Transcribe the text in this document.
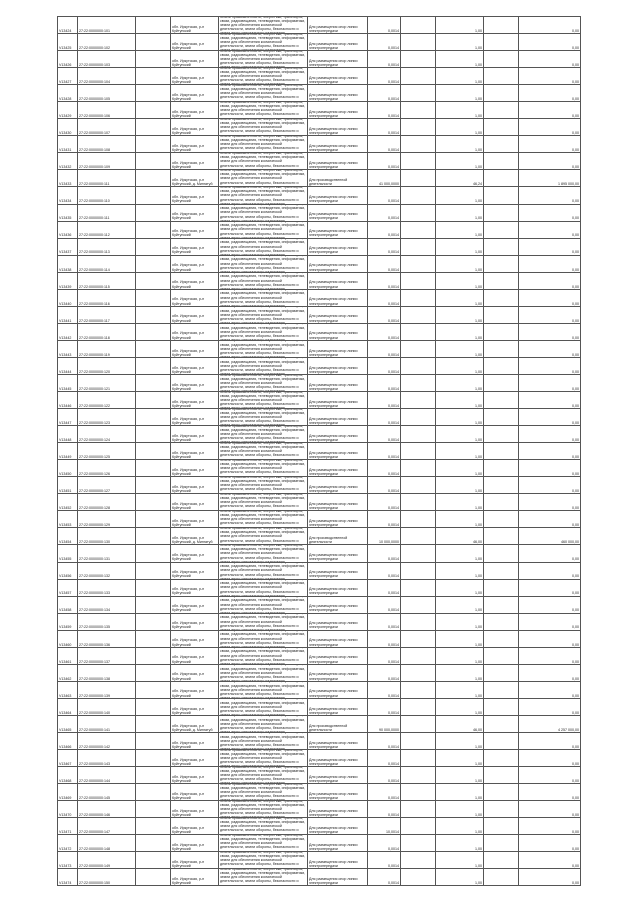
V13424 27:22:0000000:101
обл. Иркутская, р-н Куйтунский
связи, радиовещания, телевидения, информатики, земли для обеспечения космической деятельности, земли обороны, безопасности и земли иного специального назначения
Для размещения опор линии электропередачи	0,0014	1,00	0,00
V13425 27:22:0000000:102
обл. Иркутская, р-н Куйтунский
связи, радиовещания, телевидения, информатики, земли для обеспечения космической деятельности, земли обороны, безопасности и земли иного специального назначения
Для размещения опор линии электропередачи	0,0014	1,00	0,00
V13426 27:22:0000000:103
обл. Иркутская, р-н Куйтунский
связи, радиовещания, телевидения, информатики, земли для обеспечения космической деятельности, земли обороны, безопасности и земли иного специального назначения
Для размещения опор линии электропередачи	0,0014	1,00	0,00
V13427 27:22:0000000:104
обл. Иркутская, р-н Куйтунский
связи, радиовещания, телевидения, информатики, земли для обеспечения космической деятельности, земли обороны, безопасности и земли иного специального назначения
Для размещения опор линии электропередачи	0,0014	1,00	0,00
V13428 27:22:0000000:105
обл. Иркутская, р-н Куйтунский
связи, радиовещания, телевидения, информатики, земли для обеспечения космической деятельности, земли обороны, безопасности и земли иного специального назначения
Для размещения опор линии электропередачи	0,0014	1,00	0,00
V13429 27:22:0000000:106
обл. Иркутская, р-н Куйтунский
связи, радиовещания, телевидения, информатики, земли для обеспечения космической деятельности, земли обороны, безопасности и земли иного специального назначения
Для размещения опор линии электропередачи	0,0014	1,00	0,00
V13430 27:22:0000000:107
обл. Иркутская, р-н Куйтунский
связи, радиовещания, телевидения, информатики, земли для обеспечения космической деятельности, земли обороны, безопасности и земли иного специального назначения
Для размещения опор линии электропередачи	0,0014	1,00	0,00
V13431 27:22:0000000:108
обл. Иркутская, р-н Куйтунский
связи, радиовещания, телевидения, информатики, земли для обеспечения космической деятельности, земли обороны, безопасности и земли иного специального назначения
Для размещения опор линии электропередачи	0,0014	1,00	0,00
V13432 27:22:0000000:109
обл. Иркутская, р-н Куйтунский
связи, радиовещания, телевидения, информатики, земли для обеспечения космической деятельности, земли обороны, безопасности и земли иного специального назначения
Для размещения опор линии электропередачи	0,0014	1,00	0,00
V13433 27:22:0000000:111
обл. Иркутская, р-н Куйтунский, д. Мингатуй
связи, радиовещания, телевидения, информатики, земли для обеспечения космической деятельности, земли обороны, безопасности и земли иного специального назначения
Для производственной деятельности	41 000,0000	46,24	1 895 000,00
V13434 27:22:0000000:110
обл. Иркутская, р-н Куйтунский
связи, радиовещания, телевидения, информатики, земли для обеспечения космической деятельности, земли обороны, безопасности и земли иного специального назначения
Для размещения опор линии электропередачи	0,0014	1,00	0,00
V13435 27:22:0000000:111
обл. Иркутская, р-н Куйтунский
связи, радиовещания, телевидения, информатики, земли для обеспечения космической деятельности, земли обороны, безопасности и земли иного специального назначения
Для размещения опор линии электропередачи	0,0014	1,00	0,00
V13436 27:22:0000000:112
обл. Иркутская, р-н Куйтунский
связи, радиовещания, телевидения, информатики, земли для обеспечения космической деятельности, земли обороны, безопасности и земли иного специального назначения
Для размещения опор линии электропередачи	0,0014	1,00	0,00
V13437 27:22:0000000:113
обл. Иркутская, р-н Куйтунский
связи, радиовещания, телевидения, информатики, земли для обеспечения космической деятельности, земли обороны, безопасности и земли иного специального назначения
Для размещения опор линии электропередачи	0,0014	1,00	0,00
V13438 27:22:0000000:114
обл. Иркутская, р-н Куйтунский
связи, радиовещания, телевидения, информатики, земли для обеспечения космической деятельности, земли обороны, безопасности и земли иного специального назначения
Для размещения опор линии электропередачи	0,0014	1,00	0,00
V13439 27:22:0000000:115
обл. Иркутская, р-н Куйтунский
связи, радиовещания, телевидения, информатики, земли для обеспечения космической деятельности, земли обороны, безопасности и земли иного специального назначения
Для размещения опор линии электропередачи	0,0014	1,00	0,00
V13440 27:22:0000000:116
обл. Иркутская, р-н Куйтунский
связи, радиовещания, телевидения, информатики, земли для обеспечения космической деятельности, земли обороны, безопасности и земли иного специального назначения
Для размещения опор линии электропередачи	0,0014	1,00	0,00
V13441 27:22:0000000:117
обл. Иркутская, р-н Куйтунский
связи, радиовещания, телевидения, информатики, земли для обеспечения космической деятельности, земли обороны, безопасности и земли иного специального назначения
Для размещения опор линии электропередачи	0,0014	1,00	0,00
V13442 27:22:0000000:118
обл. Иркутская, р-н Куйтунский
связи, радиовещания, телевидения, информатики, земли для обеспечения космической деятельности, земли обороны, безопасности и земли иного специального назначения
Для размещения опор линии электропередачи	0,0014	1,00	0,00
V13443 27:22:0000000:119
обл. Иркутская, р-н Куйтунский
связи, радиовещания, телевидения, информатики, земли для обеспечения космической деятельности, земли обороны, безопасности и земли иного специального назначения
Для размещения опор линии электропередачи	0,0014	1,00	0,00
V13444 27:22:0000000:120
обл. Иркутская, р-н Куйтунский
связи, радиовещания, телевидения, информатики, земли для обеспечения космической деятельности, земли обороны, безопасности и земли иного специального назначения
Для размещения опор линии электропередачи	0,0014	1,00	0,00
V13445 27:22:0000000:121
обл. Иркутская, р-н Куйтунский
связи, радиовещания, телевидения, информатики, земли для обеспечения космической деятельности, земли обороны, безопасности и земли иного специального назначения
Для размещения опор линии электропередачи	0,0014	1,00	0,00
V13446 27:22:0000000:122
обл. Иркутская, р-н Куйтунский
связи, радиовещания, телевидения, информатики, земли для обеспечения космической деятельности, земли обороны, безопасности и земли иного специального назначения
Для размещения опор линии электропередачи	0,0014	1,00	0,00
V13447 27:22:0000000:123
обл. Иркутская, р-н Куйтунский
связи, радиовещания, телевидения, информатики, земли для обеспечения космической деятельности, земли обороны, безопасности и земли иного специального назначения
Для размещения опор линии электропередачи	0,0014	1,00	0,00
V13448 27:22:0000000:124
обл. Иркутская, р-н Куйтунский
связи, радиовещания, телевидения, информатики, земли для обеспечения космической деятельности, земли обороны, безопасности и земли иного специального назначения
Для размещения опор линии электропередачи	0,0014	1,00	0,00
V13449 27:22:0000000:125
обл. Иркутская, р-н Куйтунский
связи, радиовещания, телевидения, информатики, земли для обеспечения космической деятельности, земли обороны, безопасности и земли иного специального назначения
Для размещения опор линии электропередачи	0,0014	1,00	0,00
V13450 27:22:0000000:126
обл. Иркутская, р-н Куйтунский
связи, радиовещания, телевидения, информатики, земли для обеспечения космической деятельности, земли обороны, безопасности и земли иного специального назначения
Для размещения опор линии электропередачи	0,0014	1,00	0,00
V13451 27:22:0000000:127
обл. Иркутская, р-н Куйтунский
связи, радиовещания, телевидения, информатики, земли для обеспечения космической деятельности, земли обороны, безопасности и земли иного специального назначения
Для размещения опор линии электропередачи	0,0014	1,00	0,00
V13452 27:22:0000000:128
обл. Иркутская, р-н Куйтунский
связи, радиовещания, телевидения, информатики, земли для обеспечения космической деятельности, земли обороны, безопасности и земли иного специального назначения
Для размещения опор линии электропередачи	0,0014	1,00	0,00
V13453 27:22:0000000:129
обл. Иркутская, р-н Куйтунский
связи, радиовещания, телевидения, информатики, земли для обеспечения космической деятельности, земли обороны, безопасности и земли иного специального назначения
Для размещения опор линии электропередачи	0,0014	1,00	0,00
V13454 27:22:0000000:130
обл. Иркутская, р-н Куйтунский, д. Мингатуй
связи, радиовещания, телевидения, информатики, земли для обеспечения космической деятельности, земли обороны, безопасности и земли иного специального назначения
Для производственной деятельности	10 000,0000	46,00	460 000,00
V13455 27:22:0000000:131
обл. Иркутская, р-н Куйтунский
связи, радиовещания, телевидения, информатики, земли для обеспечения космической деятельности, земли обороны, безопасности и земли иного специального назначения
Для размещения опор линии электропередачи	0,0014	1,00	0,00
V13456 27:22:0000000:132
обл. Иркутская, р-н Куйтунский
связи, радиовещания, телевидения, информатики, земли для обеспечения космической деятельности, земли обороны, безопасности и земли иного специального назначения
Для размещения опор линии электропередачи	0,0014	1,00	0,00
V13457 27:22:0000000:133
обл. Иркутская, р-н Куйтунский
связи, радиовещания, телевидения, информатики, земли для обеспечения космической деятельности, земли обороны, безопасности и земли иного специального назначения
Для размещения опор линии электропередачи	0,0014	1,00	0,00
V13458 27:22:0000000:134
обл. Иркутская, р-н Куйтунский
связи, радиовещания, телевидения, информатики, земли для обеспечения космической деятельности, земли обороны, безопасности и земли иного специального назначения
Для размещения опор линии электропередачи	0,0014	1,00	0,00
V13459 27:22:0000000:135
обл. Иркутская, р-н Куйтунский
связи, радиовещания, телевидения, информатики, земли для обеспечения космической деятельности, земли обороны, безопасности и земли иного специального назначения
Для размещения опор линии электропередачи	0,0014	1,00	0,00
V13460 27:22:0000000:136
обл. Иркутская, р-н Куйтунский
связи, радиовещания, телевидения, информатики, земли для обеспечения космической деятельности, земли обороны, безопасности и земли иного специального назначения
Для размещения опор линии электропередачи	0,0014	1,00	0,00
V13461 27:22:0000000:137
обл. Иркутская, р-н Куйтунский
связи, радиовещания, телевидения, информатики, земли для обеспечения космической деятельности, земли обороны, безопасности и земли иного специального назначения
Для размещения опор линии электропередачи	0,0014	1,00	0,00
V13462 27:22:0000000:138
обл. Иркутская, р-н Куйтунский
связи, радиовещания, телевидения, информатики, земли для обеспечения космической деятельности, земли обороны, безопасности и земли иного специального назначения
Для размещения опор линии электропередачи	0,0014	1,00	0,00
V13463 27:22:0000000:139
обл. Иркутская, р-н Куйтунский
связи, радиовещания, телевидения, информатики, земли для обеспечения космической деятельности, земли обороны, безопасности и земли иного специального назначения
Для размещения опор линии электропередачи	0,0014	1,00	0,00
V13464 27:22:0000000:140
обл. Иркутская, р-н Куйтунский
связи, радиовещания, телевидения, информатики, земли для обеспечения космической деятельности, земли обороны, безопасности и земли иного специального назначения
Для размещения опор линии электропередачи	0,0014	1,00	0,00
V13465 27:22:0000000:141
обл. Иркутская, р-н Куйтунский, д. Мингатуй
связи, радиовещания, телевидения, информатики, земли для обеспечения космической деятельности, земли обороны, безопасности и земли иного специального назначения
Для производственной деятельности	90 000,0000	46,00	4 257 000,00
V13466 27:22:0000000:142
обл. Иркутская, р-н Куйтунский
связи, радиовещания, телевидения, информатики, земли для обеспечения космической деятельности, земли обороны, безопасности и земли иного специального назначения
Для размещения опор линии электропередачи	0,0014	1,00	0,00
V13467 27:22:0000000:143
обл. Иркутская, р-н Куйтунский
связи, радиовещания, телевидения, информатики, земли для обеспечения космической деятельности, земли обороны, безопасности и земли иного специального назначения
Для размещения опор линии электропередачи	0,0014	1,00	0,00
V13468 27:22:0000000:144
обл. Иркутская, р-н Куйтунский
связи, радиовещания, телевидения, информатики, земли для обеспечения космической деятельности, земли обороны, безопасности и земли иного специального назначения
Для размещения опор линии электропередачи	0,0014	1,00	0,00
V13469 27:22:0000000:145
обл. Иркутская, р-н Куйтунский
связи, радиовещания, телевидения, информатики, земли для обеспечения космической деятельности, земли обороны, безопасности и земли иного специального назначения
Для размещения опор линии электропередачи	0,0014	1,00	0,00
V13470 27:22:0000000:146
обл. Иркутская, р-н Куйтунский
связи, радиовещания, телевидения, информатики, земли для обеспечения космической деятельности, земли обороны, безопасности и земли иного специального назначения
Для размещения опор линии электропередачи	0,0014	1,00	0,00
V13471 27:22:0000000:147
обл. Иркутская, р-н Куйтунский
связи, радиовещания, телевидения, информатики, земли для обеспечения космической деятельности, земли обороны, безопасности и земли иного специального назначения
Для размещения опор линии электропередачи	10,0014	1,00	0,00
V13472 27:22:0000000:148
обл. Иркутская, р-н Куйтунский
связи, радиовещания, телевидения, информатики, земли для обеспечения космической деятельности, земли обороны, безопасности и земли иного специального назначения
Для размещения опор линии электропередачи	0,0014	1,00	0,00
V13473 27:22:0000000:149
обл. Иркутская, р-н Куйтунский
связи, радиовещания, телевидения, информатики, земли для обеспечения космической деятельности, земли обороны, безопасности и земли иного специального назначения
Для размещения опор линии электропередачи	0,0014	1,00	0,00
V13474 27:22:0000000:150
обл. Иркутская, р-н Куйтунский
связи, радиовещания, телевидения, информатики, земли для обеспечения космической деятельности, земли обороны, безопасности и земли иного специального назначения
Для размещения опор линии электропередачи	0,0014	1,00	0,00
